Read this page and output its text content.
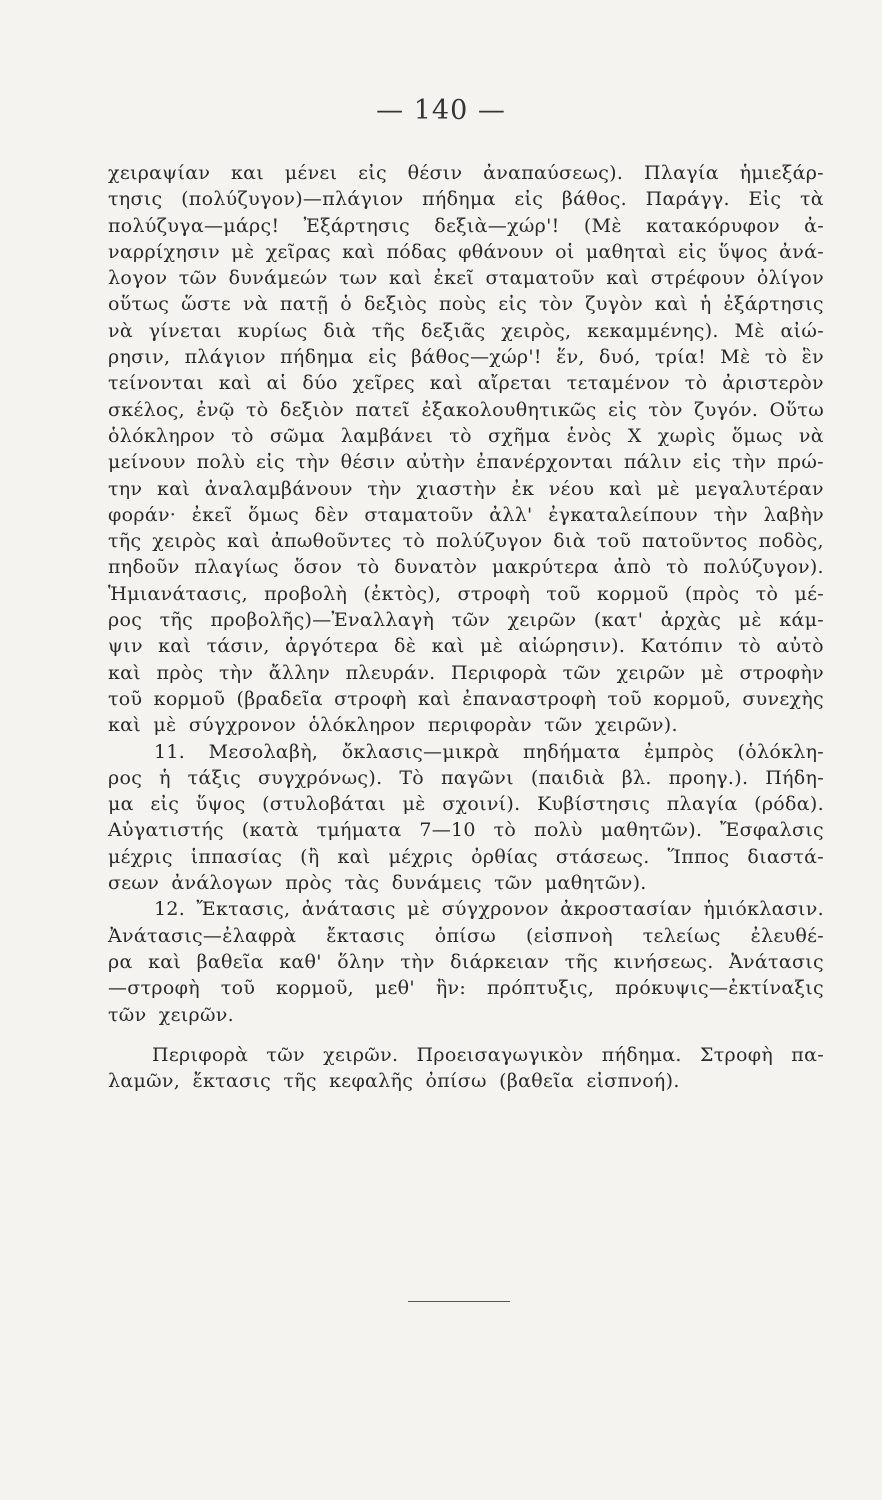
— 140 —
χειραψίαν και μένει εἰς θέσιν ἀναπαύσεως). Πλαγία ἡμιεξάρ-
τησις (πολύζυγον)—πλάγιον πήδημα εἰς βάθος. Παράγγ. Εἰς τὰ
πολύζυγα—μάρς! Ἐξάρτησις δεξιὰ—χώρ'! (Μὲ κατακόρυφον ἀ-
ναρρίχησιν μὲ χεῖρας καὶ πόδας φθάνουν οἱ μαθηταὶ εἰς ὕψος ἀνά-
λογον τῶν δυνάμεών των καὶ ἐκεῖ σταματοῦν καὶ στρέφουν ὀλίγον
οὕτως ὥστε νὰ πατῇ ὁ δεξιὸς ποὺς εἰς τὸν ζυγὸν καὶ ἡ ἐξάρτησις
νὰ γίνεται κυρίως διὰ τῆς δεξιᾶς χειρὸς, κεκαμμένης). Μὲ αἰώ-
ρησιν, πλάγιον πήδημα εἰς βάθος—χώρ'! ἕν, δυό, τρία! Μὲ τὸ ἓν
τείνονται καὶ αἱ δύο χεῖρες καὶ αἴρεται τεταμένον τὸ ἀριστερὸν
σκέλος, ἐνῷ τὸ δεξιὸν πατεῖ ἐξακολουθητικῶς εἰς τὸν ζυγόν. Οὕτω
ὁλόκληρον τὸ σῶμα λαμβάνει τὸ σχῆμα ἑνὸς Χ χωρὶς ὅμως νὰ
μείνουν πολὺ εἰς τὴν θέσιν αὐτὴν ἐπανέρχονται πάλιν εἰς τὴν πρώ-
την καὶ ἀναλαμβάνουν τὴν χιαστὴν ἐκ νέου καὶ μὲ μεγαλυτέραν
φοράν· ἐκεῖ ὅμως δὲν σταματοῦν ἀλλ' ἐγκαταλείπουν τὴν λαβὴν
τῆς χειρὸς καὶ ἀπωθοῦντες τὸ πολύζυγον διὰ τοῦ πατοῦντος ποδὸς,
πηδοῦν πλαγίως ὅσον τὸ δυνατὸν μακρύτερα ἀπὸ τὸ πολύζυγον).
Ἡμιανάτασις, προβολὴ (ἐκτὸς), στροφὴ τοῦ κορμοῦ (πρὸς τὸ μέ-
ρος τῆς προβολῆς)—Ἐναλλαγὴ τῶν χειρῶν (κατ' ἀρχὰς μὲ κάμ-
ψιν καὶ τάσιν, ἀργότερα δὲ καὶ μὲ αἰώρησιν). Κατόπιν τὸ αὐτὸ
καὶ πρὸς τὴν ἄλλην πλευράν. Περιφορὰ τῶν χειρῶν μὲ στροφὴν
τοῦ κορμοῦ (βραδεῖα στροφὴ καὶ ἐπαναστροφὴ τοῦ κορμοῦ, συνεχὴς
καὶ μὲ σύγχρονον ὁλόκληρον περιφορὰν τῶν χειρῶν).
11. Μεσολαβὴ, ὄκλασις—μικρὰ πηδήματα ἐμπρὸς (ὁλόκλη-
ρος ἡ τάξις συγχρόνως). Τὸ παγῶνι (παιδιὰ βλ. προηγ.). Πήδη-
μα εἰς ὕψος (στυλοβάται μὲ σχοινί). Κυβίστησις πλαγία (ρόδα).
Αὐγατιστής (κατὰ τμήματα 7—10 τὸ πολὺ μαθητῶν). Ἔσφαλσις
μέχρις ἱππασίας (ἢ καὶ μέχρις ὀρθίας στάσεως. Ἵππος διαστά-
σεων ἀνάλογων πρὸς τὰς δυνάμεις τῶν μαθητῶν).
12. Ἔκτασις, ἀνάτασις μὲ σύγχρονον ἀκροστασίαν ἡμιόκλασιν.
Ἀνάτασις—ἐλαφρὰ ἔκτασις ὀπίσω (εἰσπνοὴ τελείως ἐλευθέ-
ρα καὶ βαθεῖα καθ' ὅλην τὴν διάρκειαν τῆς κινήσεως. Ἀνάτασις
—στροφὴ τοῦ κορμοῦ, μεθ' ἣν: πρόπτυξις, πρόκυψις—ἐκτίναξις
τῶν χειρῶν.
Περιφορὰ τῶν χειρῶν. Προεισαγωγικὸν πήδημα. Στροφὴ πα-
λαμῶν, ἔκτασις τῆς κεφαλῆς ὀπίσω (βαθεῖα εἰσπνοή).
